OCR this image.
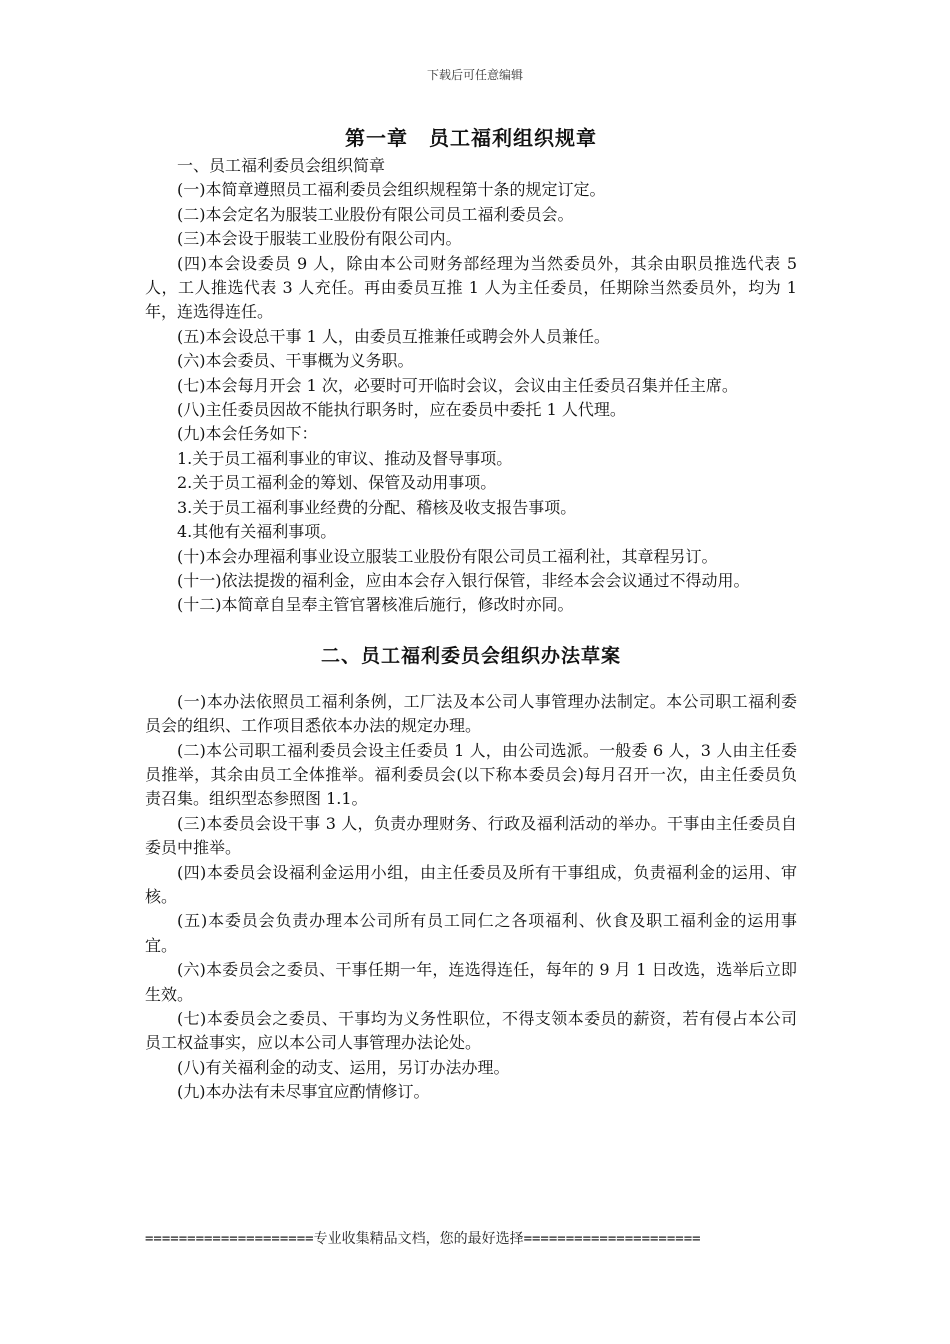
下载后可任意编辑
第一章　员工福利组织规章
一、员工福利委员会组织简章

(一)本简章遵照员工福利委员会组织规程第十条的规定订定。

(二)本会定名为服装工业股份有限公司员工福利委员会。

(三)本会设于服装工业股份有限公司内。

(四)本会设委员 9 人，除由本公司财务部经理为当然委员外，其余由职员推选代表 5 人，工人推选代表 3 人充任。再由委员互推 1 人为主任委员，任期除当然委员外，均为 1 年，连选得连任。

(五)本会设总干事 1 人，由委员互推兼任或聘会外人员兼任。

(六)本会委员、干事概为义务职。

(七)本会每月开会 1 次，必要时可开临时会议，会议由主任委员召集并任主席。

(八)主任委员因故不能执行职务时，应在委员中委托 1 人代理。

(九)本会任务如下：

1.关于员工福利事业的审议、推动及督导事项。

2.关于员工福利金的筹划、保管及动用事项。

3.关于员工福利事业经费的分配、稽核及收支报告事项。

4.其他有关福利事项。

(十)本会办理福利事业设立服装工业股份有限公司员工福利社，其章程另订。

(十一)依法提拨的福利金，应由本会存入银行保管，非经本会会议通过不得动用。

(十二)本简章自呈奉主管官署核准后施行，修改时亦同。

二、员工福利委员会组织办法草案

(一)本办法依照员工福利条例，工厂法及本公司人事管理办法制定。本公司职工福利委员会的组织、工作项目悉依本办法的规定办理。

(二)本公司职工福利委员会设主任委员 1 人，由公司选派。一般委 6 人，3 人由主任委员推举，其余由员工全体推举。福利委员会(以下称本委员会)每月召开一次，由主任委员负责召集。组织型态参照图 1.1。

(三)本委员会设干事 3 人，负责办理财务、行政及福利活动的举办。干事由主任委员自委员中推举。

(四)本委员会设福利金运用小组，由主任委员及所有干事组成，负责福利金的运用、审核。

(五)本委员会负责办理本公司所有员工同仁之各项福利、伙食及职工福利金的运用事宜。

(六)本委员会之委员、干事任期一年，连选得连任，每年的 9 月 1 日改选，选举后立即生效。

(七)本委员会之委员、干事均为义务性职位，不得支领本委员的薪资，若有侵占本公司员工权益事实，应以本公司人事管理办法论处。

(八)有关福利金的动支、运用，另订办法办理。

(九)本办法有未尽事宜应酌情修订。

====================专业收集精品文档，您的最好选择=====================
